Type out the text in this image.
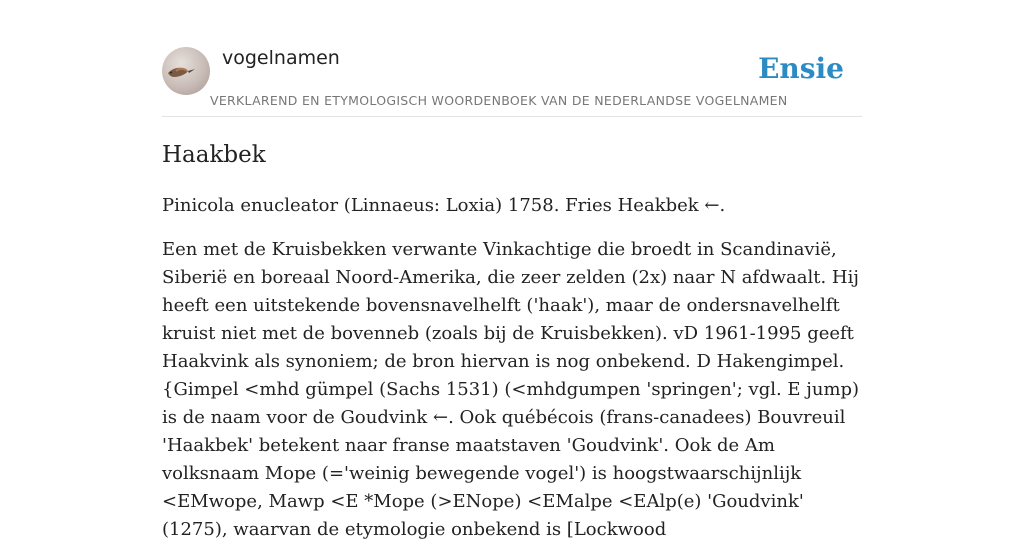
vogelnamen
VERKLAREND EN ETYMOLOGISCH WOORDENBOEK VAN DE NEDERLANDSE VOGELNAMEN
Ensie
Haakbek

Pinicola enucleator (Linnaeus: Loxia) 1758. Fries Heakbek ←.

Een met de Kruisbekken verwante Vinkachtige die broedt in Scandinavië, Siberië en boreaal Noord-Amerika, die zeer zelden (2x) naar N afdwaalt. Hij heeft een uitstekende bovensnavelhelft ('haak'), maar de ondersnavelhelft kruist niet met de bovenneb (zoals bij de Kruisbekken). vD 1961-1995 geeft Haakvink als synoniem; de bron hiervan is nog onbekend. D Hakengimpel. {Gimpel <mhd gümpel (Sachs 1531) (<mhdgumpen 'springen'; vgl. E jump) is de naam voor de Goudvink ←. Ook québécois (frans-canadees) Bouvreuil 'Haakbek' betekent naar franse maatstaven 'Goudvink'. Ook de Am volksnaam Mope (='weinig bewegende vogel') is hoogstwaarschijnlijk <EMwope, Mawp <E *Mope (>ENope) <EMalpe <EAlp(e) 'Goudvink' (1275), waarvan de etymologie onbekend is [Lockwood
